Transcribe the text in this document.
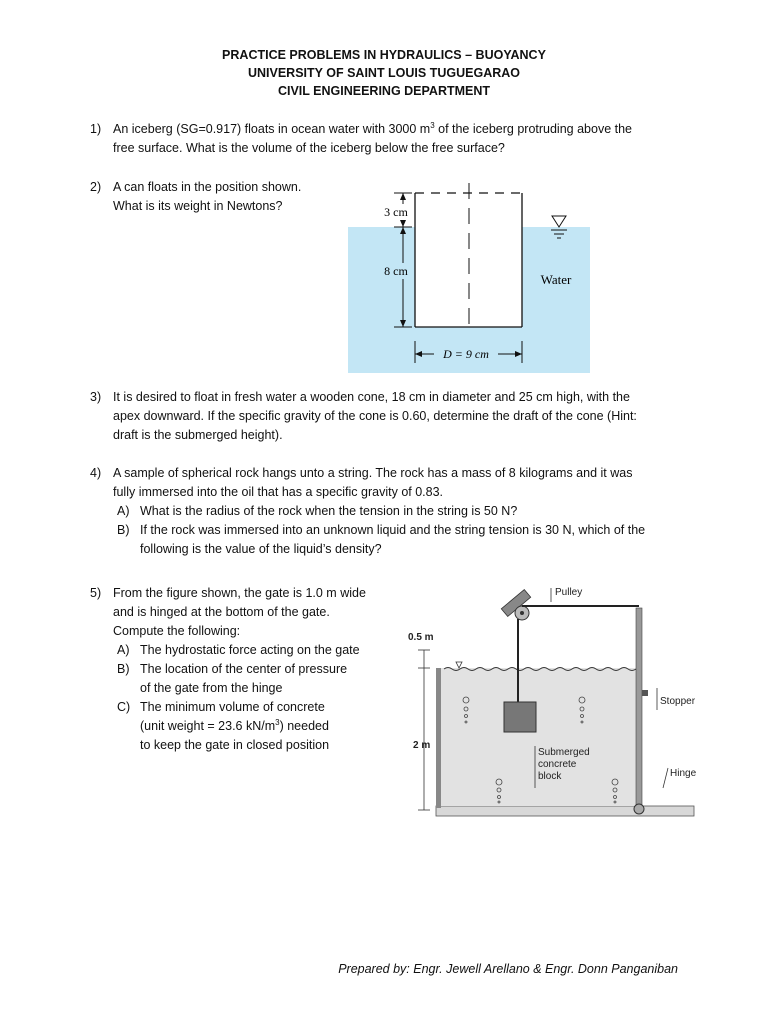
PRACTICE PROBLEMS IN HYDRAULICS – BUOYANCY
UNIVERSITY OF SAINT LOUIS TUGUEGARAO
CIVIL ENGINEERING DEPARTMENT
1) An iceberg (SG=0.917) floats in ocean water with 3000 $m^3$ of the iceberg protruding above the
free surface. What is the volume of the iceberg below the free surface?
2) A can floats in the position shown.
What is its weight in Newtons?	3 cm
8 cm
Water
D = 9 cm
3) It is desired to float in fresh water a wooden cone, 18 cm in diameter and 25 cm high, with the
apex downward. If the specific gravity of the cone is 0.60, determine the draft of the cone (Hint:
draft is the submerged height).
4) A sample of spherical rock hangs unto a string. The rock has a mass of 8 kilograms and it was
fully immersed into the oil that has a specific gravity of 0.83.
A) What is the radius of the rock when the tension in the string is 50 N?
B) If the rock was immersed into an unknown liquid and the string tension is 30 N, which of the
following is the value of the liquid’s density?
5) From the figure shown, the gate is 1.0 m wide
and is hinged at the bottom of the gate.
Compute the following:
A) The hydrostatic force acting on the gate
B) The location of the center of pressure
of the gate from the hinge
C) The minimum volume of concrete
(unit weight = 23.6 $kN/m^3$) needed
to keep the gate in closed position
0.5 m
2 m
Pulley
Stopper
Hinge
Submerged
concrete
block
Prepared by: Engr. Jewell Arellano & Engr. Donn Panganiban
